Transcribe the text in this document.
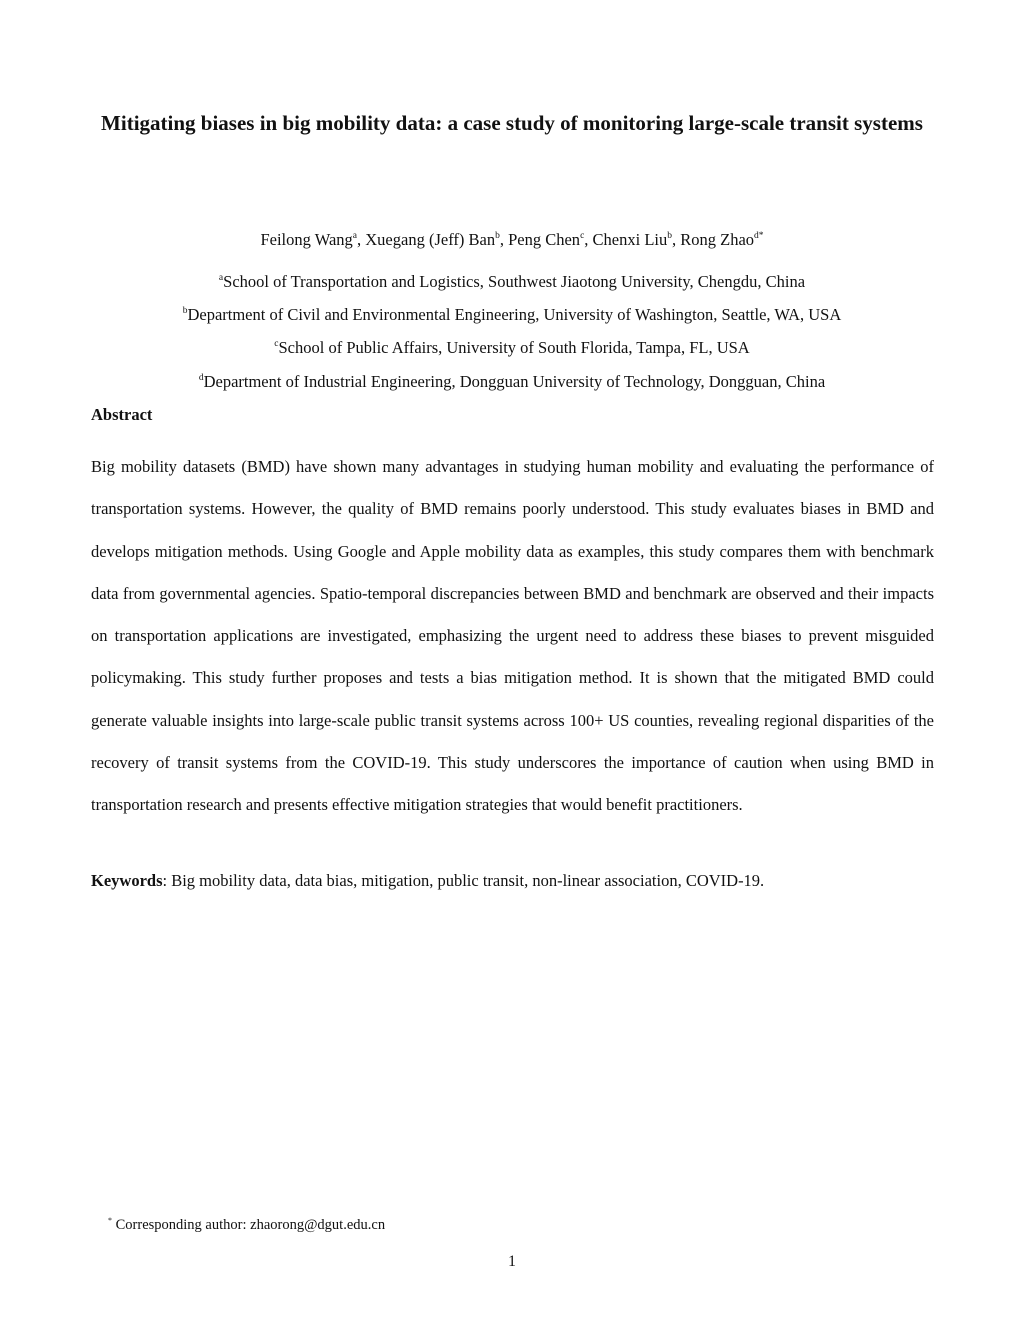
Mitigating biases in big mobility data: a case study of monitoring large-scale transit systems
Feilong Wang$^a$, Xuegang (Jeff) Ban$^b$, Peng Chen$^c$, Chenxi Liu$^b$, Rong Zhao$^{d*}$
$^a$School of Transportation and Logistics, Southwest Jiaotong University, Chengdu, China
$^b$Department of Civil and Environmental Engineering, University of Washington, Seattle, WA, USA
$^c$School of Public Affairs, University of South Florida, Tampa, FL, USA
$^d$Department of Industrial Engineering, Dongguan University of Technology, Dongguan, China
Abstract

Big mobility datasets (BMD) have shown many advantages in studying human mobility and evaluating the performance of transportation systems. However, the quality of BMD remains poorly understood. This study evaluates biases in BMD and develops mitigation methods. Using Google and Apple mobility data as examples, this study compares them with benchmark data from governmental agencies. Spatio-temporal discrepancies between BMD and benchmark are observed and their impacts on transportation applications are investigated, emphasizing the urgent need to address these biases to prevent misguided policymaking. This study further proposes and tests a bias mitigation method. It is shown that the mitigated BMD could generate valuable insights into large-scale public transit systems across 100+ US counties, revealing regional disparities of the recovery of transit systems from the COVID-19. This study underscores the importance of caution when using BMD in transportation research and presents effective mitigation strategies that would benefit practitioners.

Keywords: Big mobility data, data bias, mitigation, public transit, non-linear association, COVID-19.

* Corresponding author: zhaorong@dgut.edu.cn
1
